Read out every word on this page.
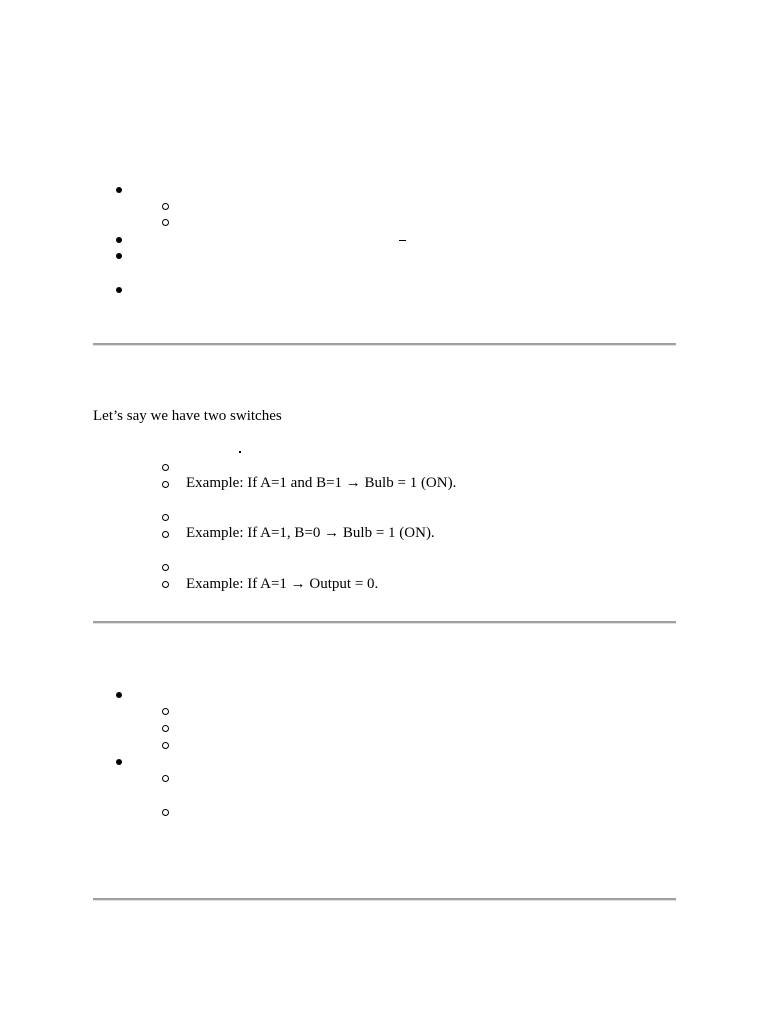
Let’s say we have two switches
Example: If A=1 and B=1 → Bulb = 1 (ON).
Example: If A=1, B=0 → Bulb = 1 (ON).
Example: If A=1 → Output = 0.
